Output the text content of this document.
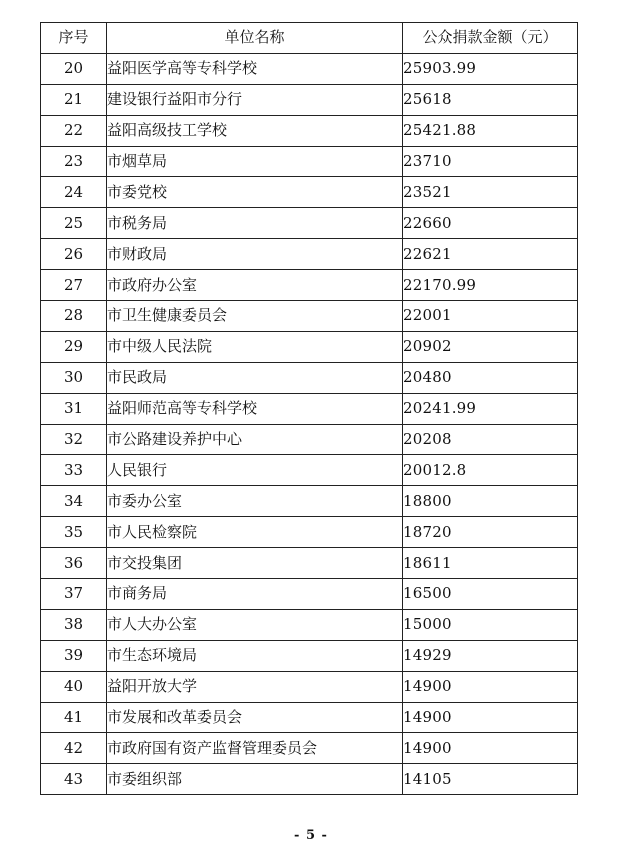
序号	单位名称	公众捐款金额（元）
20	益阳医学高等专科学校	25903.99
21	建设银行益阳市分行	25618
22	益阳高级技工学校	25421.88
23	市烟草局	23710
24	市委党校	23521
25	市税务局	22660
26	市财政局	22621
27	市政府办公室	22170.99
28	市卫生健康委员会	22001
29	市中级人民法院	20902
30	市民政局	20480
31	益阳师范高等专科学校	20241.99
32	市公路建设养护中心	20208
33	人民银行	20012.8
34	市委办公室	18800
35	市人民检察院	18720
36	市交投集团	18611
37	市商务局	16500
38	市人大办公室	15000
39	市生态环境局	14929
40	益阳开放大学	14900
41	市发展和改革委员会	14900
42	市政府国有资产监督管理委员会	14900
43	市委组织部	14105
- 5 -
